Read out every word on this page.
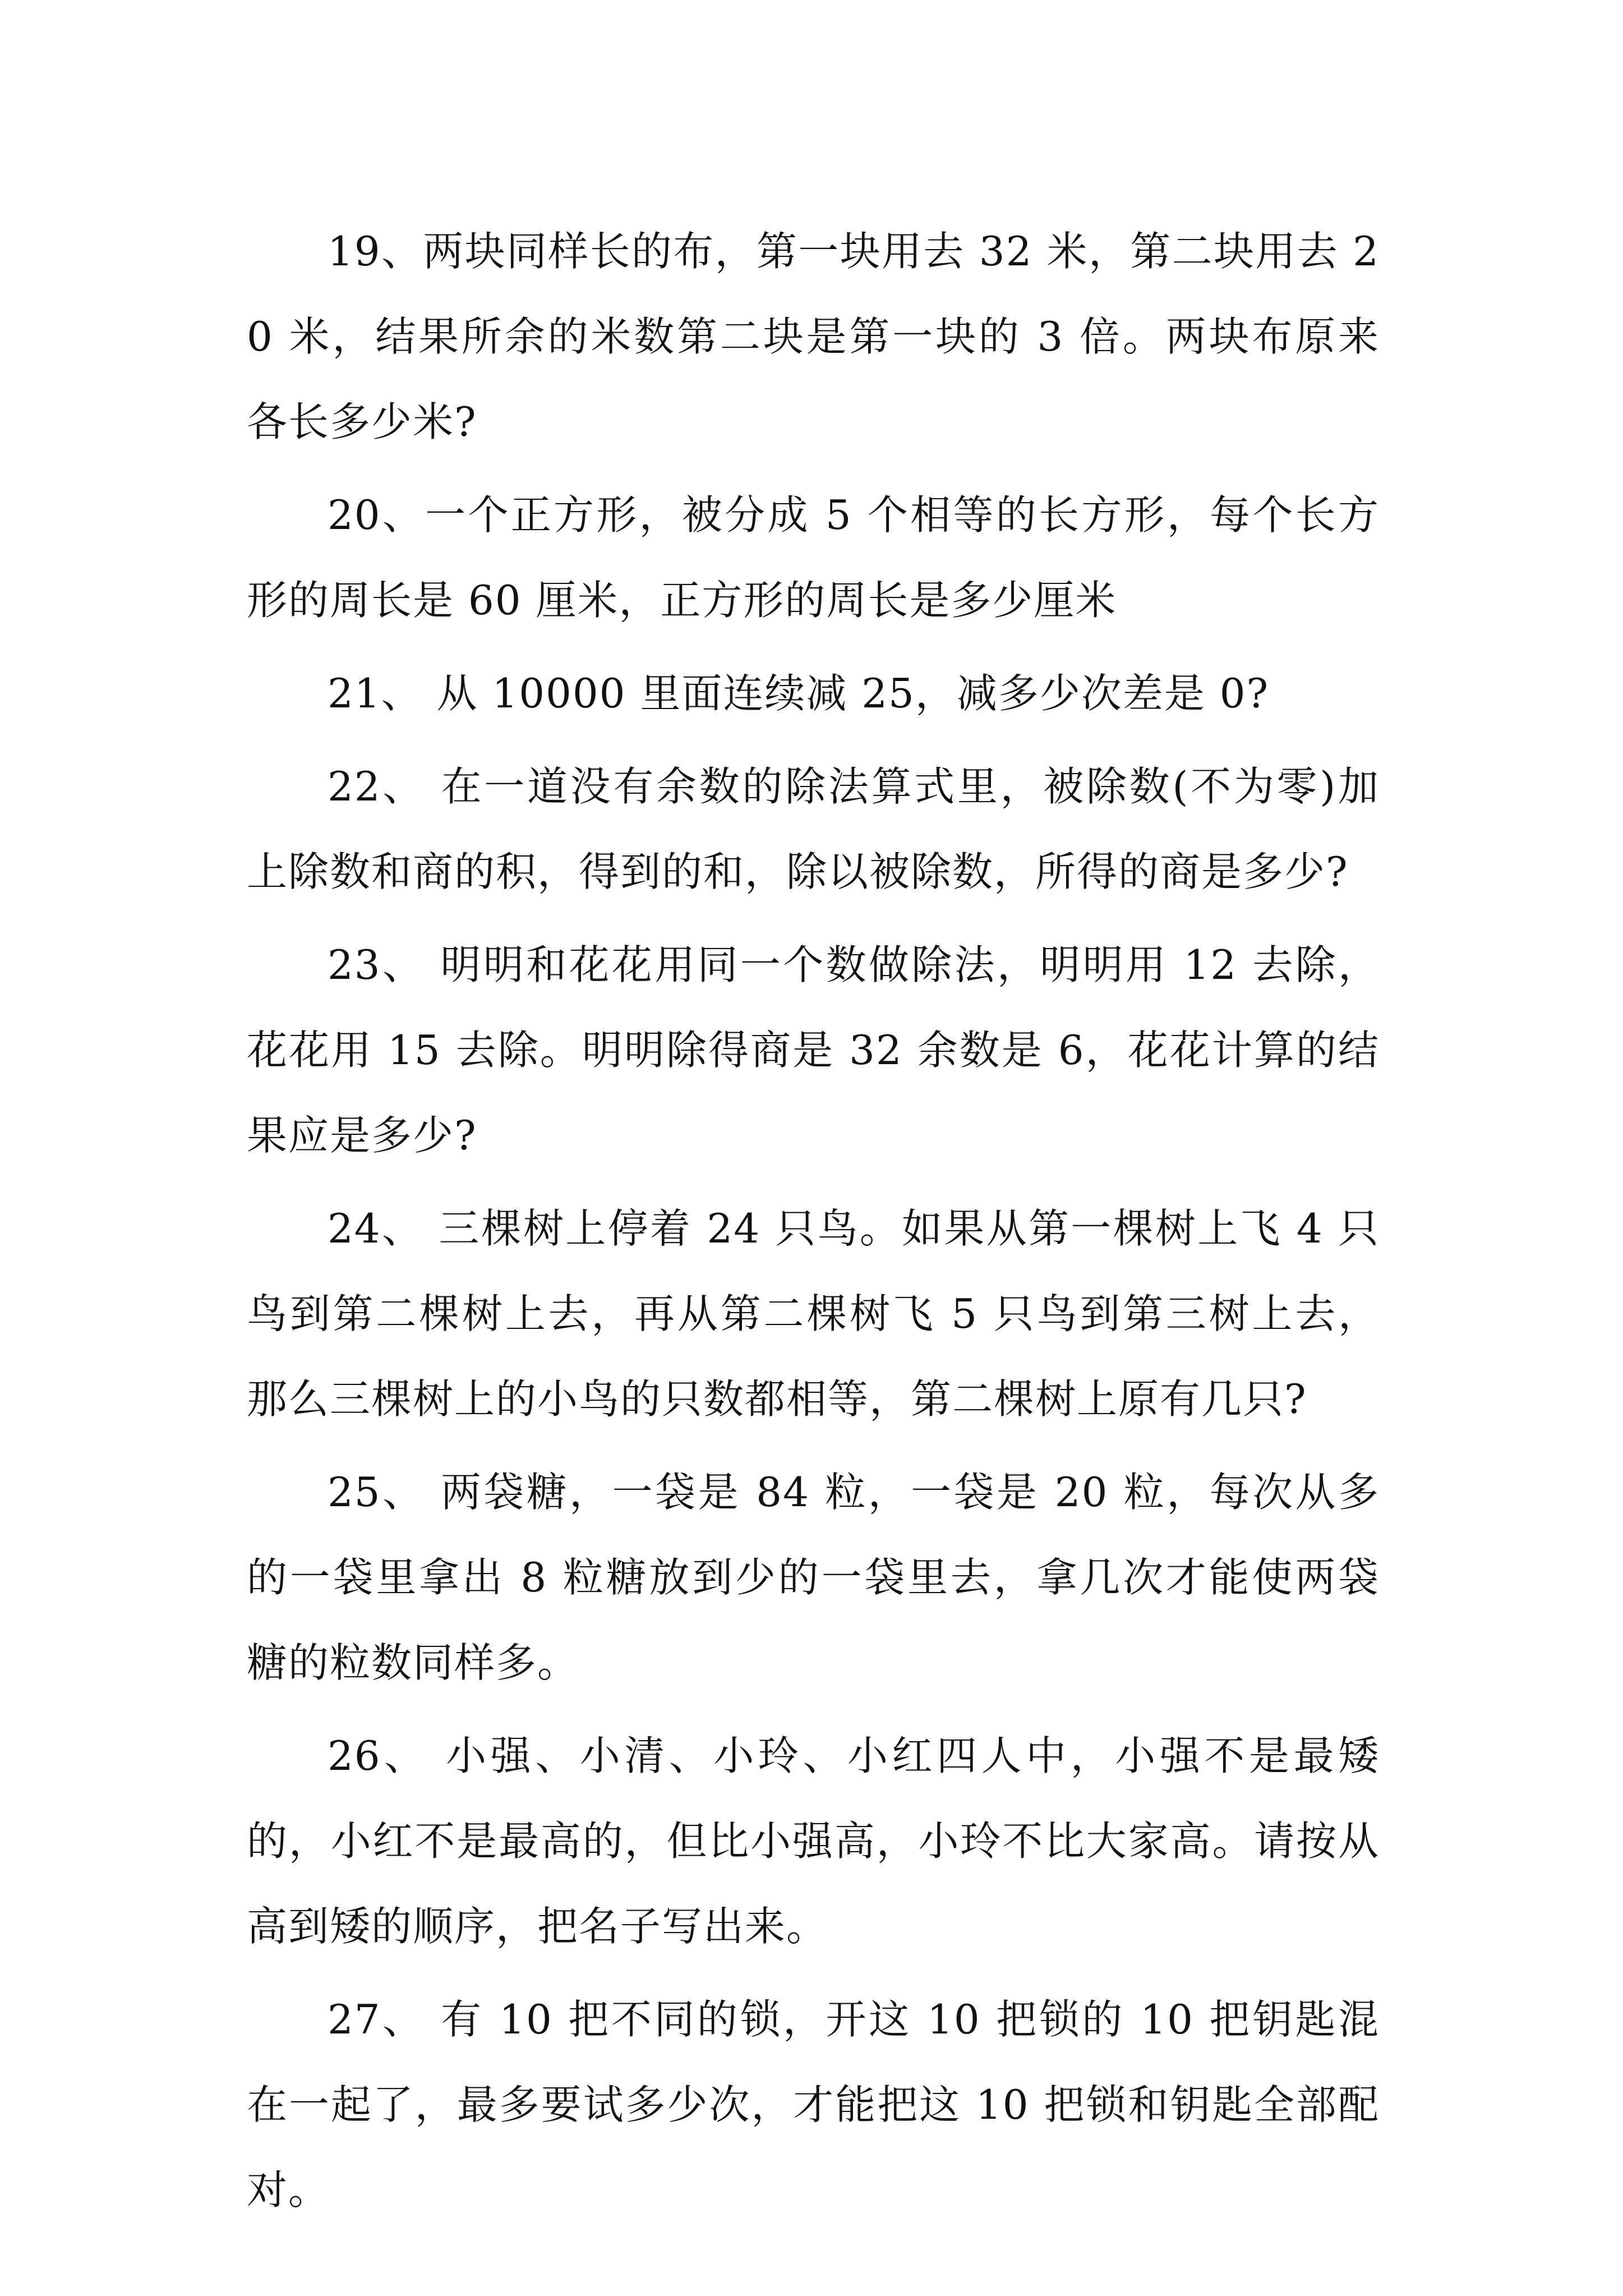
19、两块同样长的布，第一块用去 32 米，第二块用去 20 米，结果所余的米数第二块是第一块的 3 倍。两块布原来各长多少米?

20、一个正方形，被分成 5 个相等的长方形，每个长方形的周长是 60 厘米，正方形的周长是多少厘米

21、 从 10000 里面连续减 25，减多少次差是 0?

22、 在一道没有余数的除法算式里，被除数(不为零)加上除数和商的积，得到的和，除以被除数，所得的商是多少?

23、 明明和花花用同一个数做除法，明明用 12 去除，花花用 15 去除。明明除得商是 32 余数是 6，花花计算的结果应是多少?

24、 三棵树上停着 24 只鸟。如果从第一棵树上飞 4 只鸟到第二棵树上去，再从第二棵树飞 5 只鸟到第三树上去，那么三棵树上的小鸟的只数都相等，第二棵树上原有几只?

25、 两袋糖，一袋是 84 粒，一袋是 20 粒，每次从多的一袋里拿出 8 粒糖放到少的一袋里去，拿几次才能使两袋糖的粒数同样多。

26、 小强、小清、小玲、小红四人中，小强不是最矮的，小红不是最高的，但比小强高，小玲不比大家高。请按从高到矮的顺序，把名子写出来。

27、 有 10 把不同的锁，开这 10 把锁的 10 把钥匙混在一起了，最多要试多少次，才能把这 10 把锁和钥匙全部配对。
